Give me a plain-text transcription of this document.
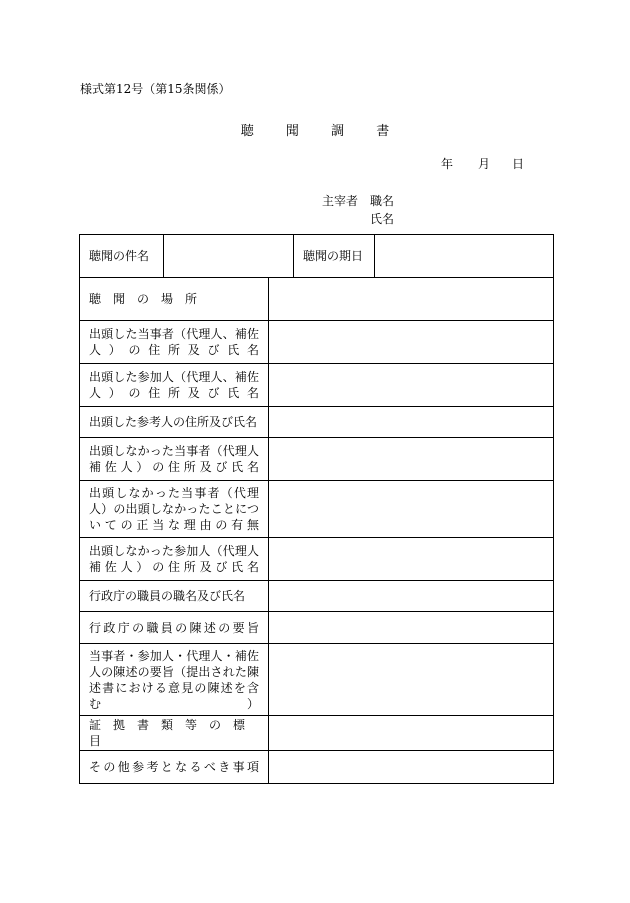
様式第12号（第15条関係）
聴 聞 調 書
年 月 日
主宰者 職名
氏名
聴聞の件名			聴聞の期日	
聴　聞　の　場　所				
出頭した当事者（代理人、補佐人）の住所及び氏名				
出頭した参加人（代理人、補佐人）の住所及び氏名				
出頭した参考人の住所及び氏名				
出頭しなかった当事者（代理人補佐人）の住所及び氏名				
出頭しなかった当事者（代理人）の出頭しなかったことについての正当な理由の有無				
出頭しなかった参加人（代理人補佐人）の住所及び氏名				
行政庁の職員の職名及び氏名				
行政庁の職員の陳述の要旨				
当事者・参加人・代理人・補佐人の陳述の要旨（提出された陳述書における意見の陳述を含む）				
証　拠　書　類　等　の　標　目				
その他参考となるべき事項				
